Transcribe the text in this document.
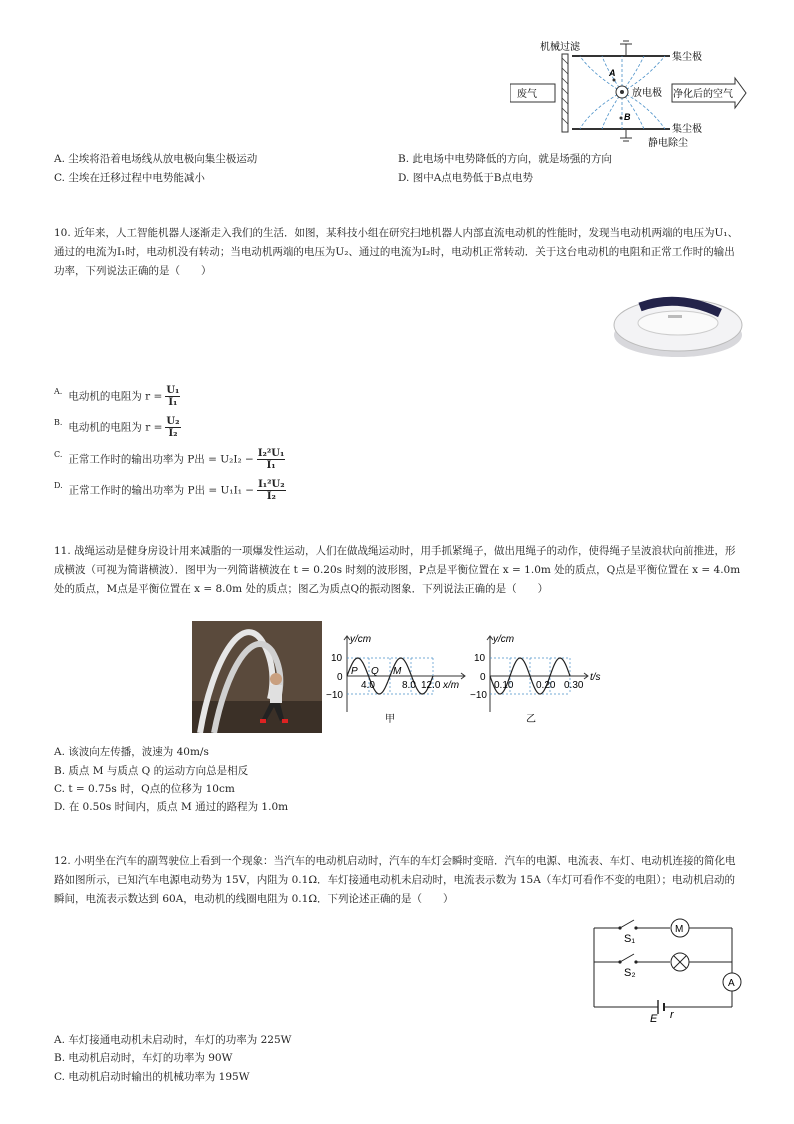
机械过滤
集尘极
集尘极
静电除尘
A
B
放电极
废气	净化后的空气
A. 尘埃将沿着电场线从放电极向集尘极运动	B. 此电场中电势降低的方向，就是场强的方向
C. 尘埃在迁移过程中电势能减小	D. 图中A点电势低于B点电势
10. 近年来，人工智能机器人逐渐走入我们的生活．如图，某科技小组在研究扫地机器人内部直流电动机的性能时，发现当电动机两端的电压为U₁、通过的电流为I₁时，电动机没有转动；当电动机两端的电压为U₂、通过的电流为I₂时，电动机正常转动．关于这台电动机的电阻和正常工作时的输出功率，下列说法正确的是（　　）
$^{A.}$ 电动机的电阻为 $r = \frac{\text{U₁}}{\text{I₁}}$
$^{B.}$ 电动机的电阻为 $r = \frac{\text{U₂}}{\text{I₂}}$
$^{C.}$ 正常工作时的输出功率为 P出 = $U_2I_2 - \frac{\text{I₂²U₁}}{\text{I₁}}$
$^{D.}$ 正常工作时的输出功率为 P出 = $U_1I_1 - \frac{\text{I₁²U₂}}{\text{I₂}}$
11. 战绳运动是健身房设计用来减脂的一项爆发性运动，人们在做战绳运动时，用手抓紧绳子，做出甩绳子的动作，使得绳子呈波浪状向前推进，形成横波（可视为简谐横波）．图甲为一列简谐横波在 t = 0.20s 时刻的波形图，P点是平衡位置在 x = 1.0m 处的质点，Q点是平衡位置在 x = 4.0m 处的质点，M点是平衡位置在 x = 8.0m 处的质点；图乙为质点Q的振动图象．下列说法正确的是（　　）
y/cm
10
0
−10
4.0	8.0 12.0 x/m
P Q M
甲
y/cm
10
0
−10
0.10 0.20 0.30
t/s
乙
A. 该波向左传播，波速为 40m/s
B. 质点 M 与质点 Q 的运动方向总是相反
C. t = 0.75s 时，Q点的位移为 10cm
D. 在 0.50s 时间内，质点 M 通过的路程为 1.0m
12. 小明坐在汽车的副驾驶位上看到一个现象：当汽车的电动机启动时，汽车的车灯会瞬时变暗．汽车的电源、电流表、车灯、电动机连接的简化电路如图所示，已知汽车电源电动势为 15V，内阻为 0.1Ω．车灯接通电动机未启动时，电流表示数为 15A（车灯可看作不变的电阻）；电动机启动的瞬间，电流表示数达到 60A，电动机的线圈电阻为 0.1Ω．下列论述正确的是（　　）
S₁
S₂
M
A
E r
A. 车灯接通电动机未启动时，车灯的功率为 225W
B. 电动机启动时，车灯的功率为 90W
C. 电动机启动时输出的机械功率为 195W
